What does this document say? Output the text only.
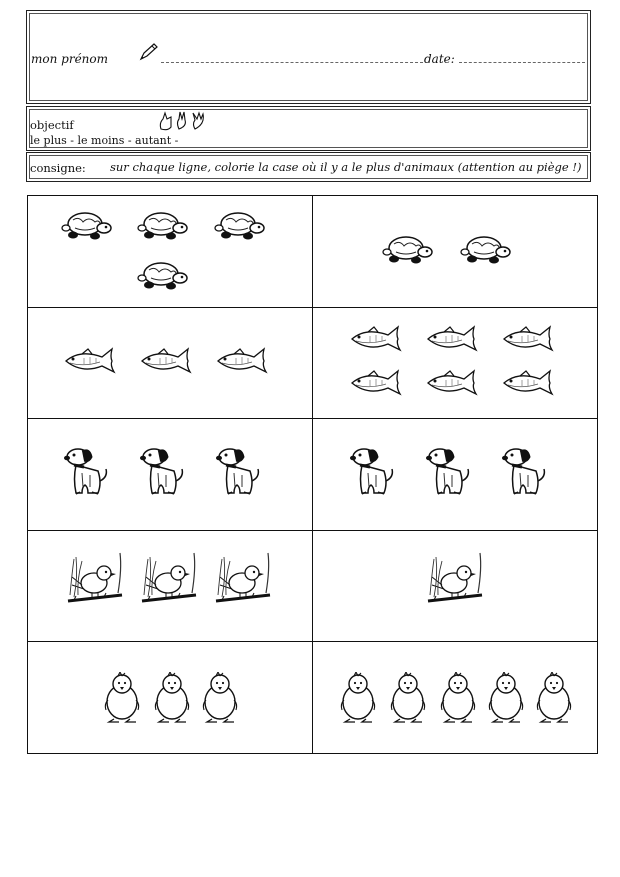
mon prénom	date:
objectif
le plus - le moins - autant -
consigne: sur chaque ligne, colorie la case où il y a le plus d'animaux (attention au piège !)
